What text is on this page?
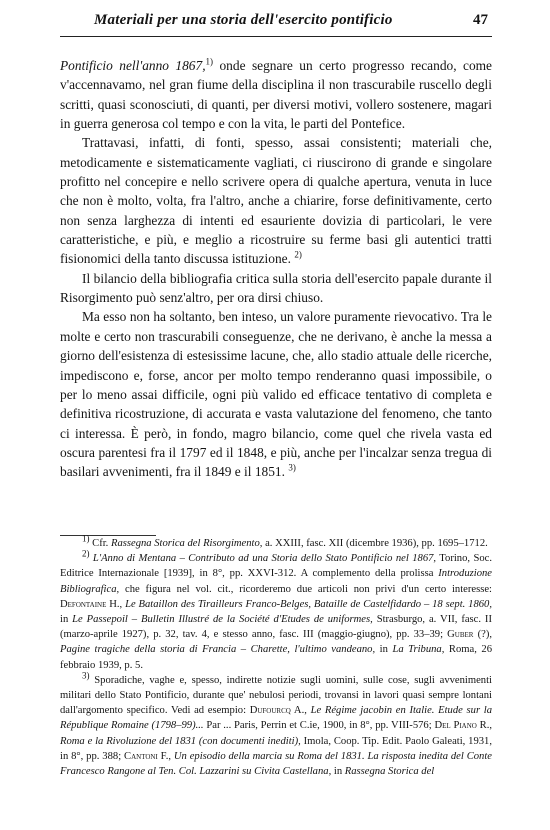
Materiali per una storia dell'esercito pontificio	47

Pontificio nell'anno 1867,$^{1)}$ onde segnare un certo progresso recando, come v'accennavamo, nel gran fiume della disciplina il non trascurabile ruscello degli scritti, quasi sconosciuti, di quanti, per diversi motivi, vollero sostenere, magari in guerra generosa col tempo e con la vita, le parti del Pontefice.

Trattavasi, infatti, di fonti, spesso, assai consistenti; materiali che, metodicamente e sistematicamente vagliati, ci riuscirono di grande e singolare profitto nel concepire e nello scrivere opera di qualche apertura, venuta in luce che non è molto, volta, fra l'altro, anche a chiarire, forse definitivamente, certo non senza larghezza di intenti ed esauriente dovizia di particolari, le vere caratteristiche, e più, e meglio a ricostruire su ferme basi gli autentici tratti fisionomici della tanto discussa istituzione. $^{2)}$

Il bilancio della bibliografia critica sulla storia dell'esercito papale durante il Risorgimento può senz'altro, per ora dirsi chiuso.

Ma esso non ha soltanto, ben inteso, un valore puramente rievocativo. Tra le molte e certo non trascurabili conseguenze, che ne derivano, è anche la messa a giorno dell'esistenza di estesissime lacune, che, allo stadio attuale delle ricerche, impediscono e, forse, ancor per molto tempo renderanno quasi impossibile, o per lo meno assai difficile, ogni più valido ed efficace tentativo di completa e definitiva ricostruzione, di accurata e vasta valutazione del fenomeno, che tanto ci interessa. È però, in fondo, magro bilancio, come quel che rivela vasta ed oscura parentesi fra il 1797 ed il 1848, e più, anche per l'incalzar senza tregua di basilari avvenimenti, fra il 1849 e il 1851. $^{3)}$

$^{1)}$ Cfr. Rassegna Storica del Risorgimento, a. XXIII, fasc. XII (dicembre 1936), pp. 1695–1712.

$^{2)}$ L'Anno di Mentana – Contributo ad una Storia dello Stato Pontificio nel 1867, Torino, Soc. Editrice Internazionale [1939], in 8°, pp. XXVI-312. A complemento della prolissa Introduzione Bibliografica, che figura nel vol. cit., ricorderemo due articoli non privi d'un certo interesse: Defontaine H., Le Bataillon des Tirailleurs Franco-Belges, Bataille de Castelfidardo – 18 sept. 1860, in Le Passepoil – Bulletin Illustré de la Société d'Etudes de uniformes, Strasburgo, a. VII, fasc. II (marzo-aprile 1927), p. 32, tav. 4, e stesso anno, fasc. III (maggio-giugno), pp. 33–39; Guber (?), Pagine tragiche della storia di Francia – Charette, l'ultimo vandeano, in La Tribuna, Roma, 26 febbraio 1939, p. 5.

$^{3)}$ Sporadiche, vaghe e, spesso, indirette notizie sugli uomini, sulle cose, sugli avvenimenti militari dello Stato Pontificio, durante que' nebulosi periodi, trovansi in lavori quasi sempre lontani dall'argomento specifico. Vedi ad esempio: Dufourcq A., Le Régime jacobin en Italie. Etude sur la République Romaine (1798–99)... Par ... Paris, Perrin et C.ie, 1900, in 8°, pp. VIII-576; Del Piano R., Roma e la Rivoluzione del 1831 (con documenti inediti), Imola, Coop. Tip. Edit. Paolo Galeati, 1931, in 8°, pp. 388; Cantoni F., Un episodio della marcia su Roma del 1831. La risposta inedita del Conte Francesco Rangone al Ten. Col. Lazzarini su Civita Castellana, in Rassegna Storica del
